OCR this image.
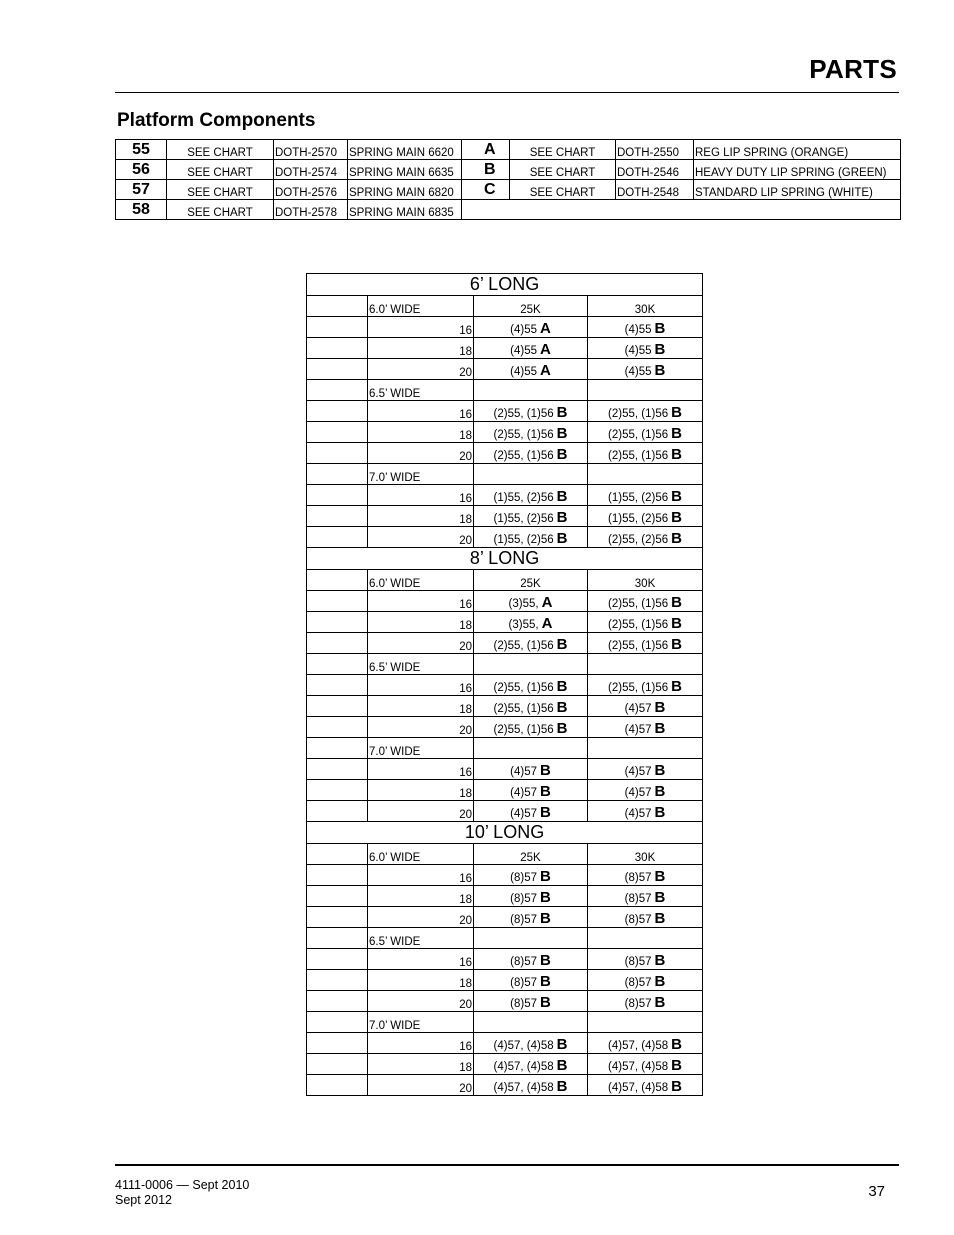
PARTS
Platform Components
55	SEE CHART	DOTH-2570	SPRING MAIN 6620		A	SEE CHART	DOTH-2550	REG LIP SPRING (ORANGE)
56	SEE CHART	DOTH-2574	SPRING MAIN 6635		B	SEE CHART	DOTH-2546	HEAVY DUTY LIP SPRING (GREEN)
57	SEE CHART	DOTH-2576	SPRING MAIN 6820		C	SEE CHART	DOTH-2548	STANDARD LIP SPRING (WHITE)
58	SEE CHART	DOTH-2578	SPRING MAIN 6835					
6’ LONG			
	6.0’ WIDE	25K	30K
	16	(4)55 A	(4)55 B
	18	(4)55 A	(4)55 B
	20	(4)55 A	(4)55 B
	6.5’ WIDE		
	16	(2)55, (1)56 B	(2)55, (1)56 B
	18	(2)55, (1)56 B	(2)55, (1)56 B
	20	(2)55, (1)56 B	(2)55, (1)56 B
	7.0’ WIDE		
	16	(1)55, (2)56 B	(1)55, (2)56 B
	18	(1)55, (2)56 B	(1)55, (2)56 B
	20	(1)55, (2)56 B	(2)55, (2)56 B
8’ LONG			
	6.0’ WIDE	25K	30K
	16	(3)55, A	(2)55, (1)56 B
	18	(3)55, A	(2)55, (1)56 B
	20	(2)55, (1)56 B	(2)55, (1)56 B
	6.5’ WIDE		
	16	(2)55, (1)56 B	(2)55, (1)56 B
	18	(2)55, (1)56 B	(4)57 B
	20	(2)55, (1)56 B	(4)57 B
	7.0’ WIDE		
	16	(4)57 B	(4)57 B
	18	(4)57 B	(4)57 B
	20	(4)57 B	(4)57 B
10’ LONG			
	6.0’ WIDE	25K	30K
	16	(8)57 B	(8)57 B
	18	(8)57 B	(8)57 B
	20	(8)57 B	(8)57 B
	6.5’ WIDE		
	16	(8)57 B	(8)57 B
	18	(8)57 B	(8)57 B
	20	(8)57 B	(8)57 B
	7.0’ WIDE		
	16	(4)57, (4)58 B	(4)57, (4)58 B
	18	(4)57, (4)58 B	(4)57, (4)58 B
	20	(4)57, (4)58 B	(4)57, (4)58 B
4111-0006 — Sept 2010
Sept 2012	37
